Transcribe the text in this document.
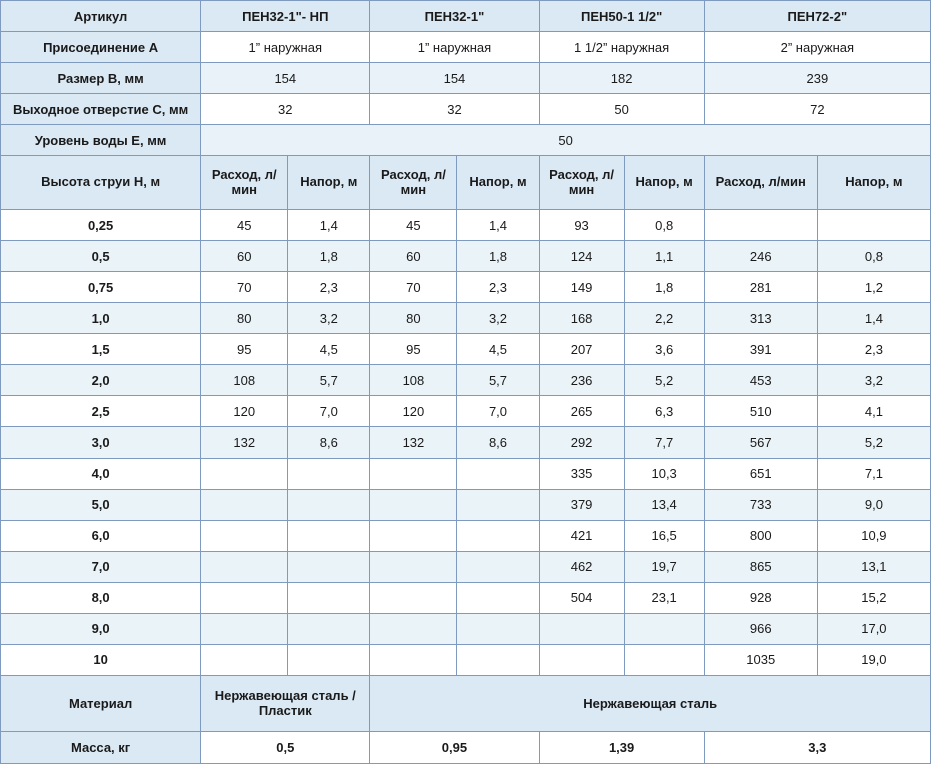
Артикул	ПЕН32-1"- НП		ПЕН32-1"		ПЕН50-1 1/2"		ПЕН72-2"	
Присоединение A	1” наружная		1” наружная		1 1/2” наружная		2” наружная	
Размер B, мм	154		154		182		239	
Выходное отверстие C, мм	32		32		50		72	
Уровень воды E, мм	50							
Высота струи H, м	Расход, л/мин	Напор, м	Расход, л/мин	Напор, м	Расход, л/мин	Напор, м	Расход, л/мин	Напор, м
0,25	45	1,4	45	1,4	93	0,8		
0,5	60	1,8	60	1,8	124	1,1	246	0,8
0,75	70	2,3	70	2,3	149	1,8	281	1,2
1,0	80	3,2	80	3,2	168	2,2	313	1,4
1,5	95	4,5	95	4,5	207	3,6	391	2,3
2,0	108	5,7	108	5,7	236	5,2	453	3,2
2,5	120	7,0	120	7,0	265	6,3	510	4,1
3,0	132	8,6	132	8,6	292	7,7	567	5,2
4,0					335	10,3	651	7,1
5,0					379	13,4	733	9,0
6,0					421	16,5	800	10,9
7,0					462	19,7	865	13,1
8,0					504	23,1	928	15,2
9,0							966	17,0
10							1035	19,0
Материал	Нержавеющая сталь / Пластик		Нержавеющая сталь					
Масса, кг	0,5		0,95		1,39		3,3	
